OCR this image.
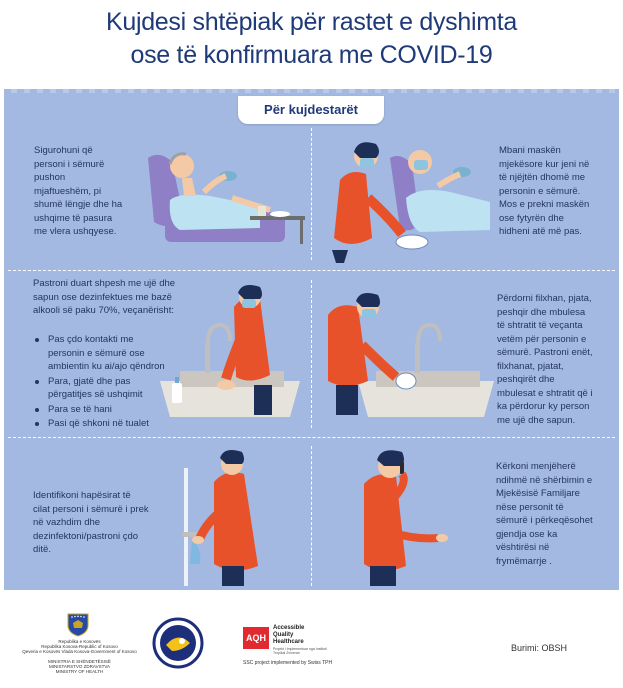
Kujdesi shtëpiak për rastet e dyshimta
ose të konfirmuara me COVID-19
Për kujdestarët
Sigurohuni që
personi i sëmurë
pushon
mjaftueshëm, pi
shumë lëngje dhe ha
ushqime të pasura
me vlera ushqyese.
Mbani maskën
mjekësore kur jeni në
të njëjtën dhomë me
personin e sëmurë.
Mos e prekni maskën
ose fytyrën dhe
hidheni atë më pas.
Pastroni duart shpesh me ujë dhe
sapun ose dezinfektues me bazë
alkooli së paku 70%, veçanërisht:
Pas çdo kontakti me
personin e sëmurë ose
ambientin ku ai/ajo qëndron
Para, gjatë dhe pas
përgatitjes së ushqimit
Para se të hani
Pasi që shkoni në tualet
Përdorni filxhan, pjata,
peshqir dhe mbulesa
të shtratit të veçanta
vetëm për personin e
sëmurë. Pastroni enët,
filxhanat, pjatat,
peshqirët dhe
mbulesat e shtratit që i
ka përdorur ky person
me ujë dhe sapun.
Identifikoni hapësirat të
cilat personi i sëmurë i prek
në vazhdim dhe
dezinfektoni/pastroni çdo
ditë.
Kërkoni menjëherë
ndihmë në shërbimin e
Mjekësisë Familjare
nëse personit të
sëmurë i përkeqësohet
gjendja ose ka
vështirësi në
frymëmarrje .
Republika e Kosovës
Republika Kosova-Republic of Kosovo
Qeveria e Kosovës Vlada Kosova-Government of Kosovo
MINISTRIA E SHËNDETËSISË
MINISTARSTVO ZDRAVSTVA
MINISTRY OF HEALTH
AQH
Accessible
Quality
Healthcare
Projekt i Implementuar nga Instituti Tropikal Zviceran
SSC project implemented by Swiss TPH
Burimi: OBSH
